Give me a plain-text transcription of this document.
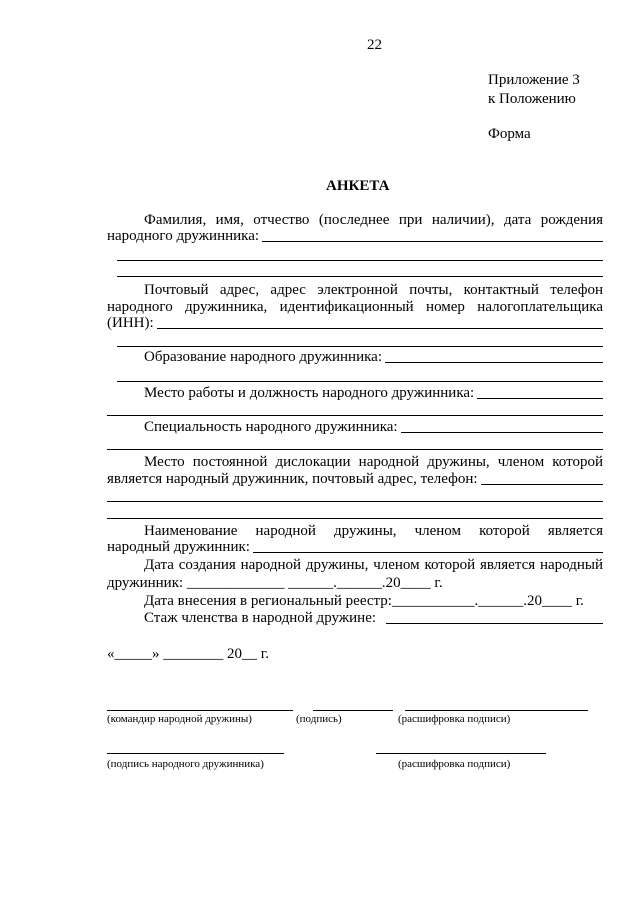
22
Приложение 3
к Положению
Форма
АНКЕТА
Фамилия, имя, отчество (последнее при наличии), дата рождения
народного дружинника:
Почтовый адрес, адрес электронной почты, контактный телефон
народного дружинника, идентификационный номер налогоплательщика
(ИНН):
Образование народного дружинника:
Место работы и должность народного дружинника:
Специальность народного дружинника:
Место постоянной дислокации народной дружины, членом которой
является народный дружинник, почтовый адрес, телефон:
Наименование народной дружины, членом которой является
народный дружинник:
Дата создания народной дружины, членом которой является народный
дружинник: _____________ ______.______.20____ г.
Дата внесения в региональный реестр:___________.______.20____ г.
Стаж членства в народной дружине:
«_____» ________ 20__ г.
(командир народной дружины)	(подпись)	(расшифровка подписи)
(подпись народного дружинника)	(расшифровка подписи)
